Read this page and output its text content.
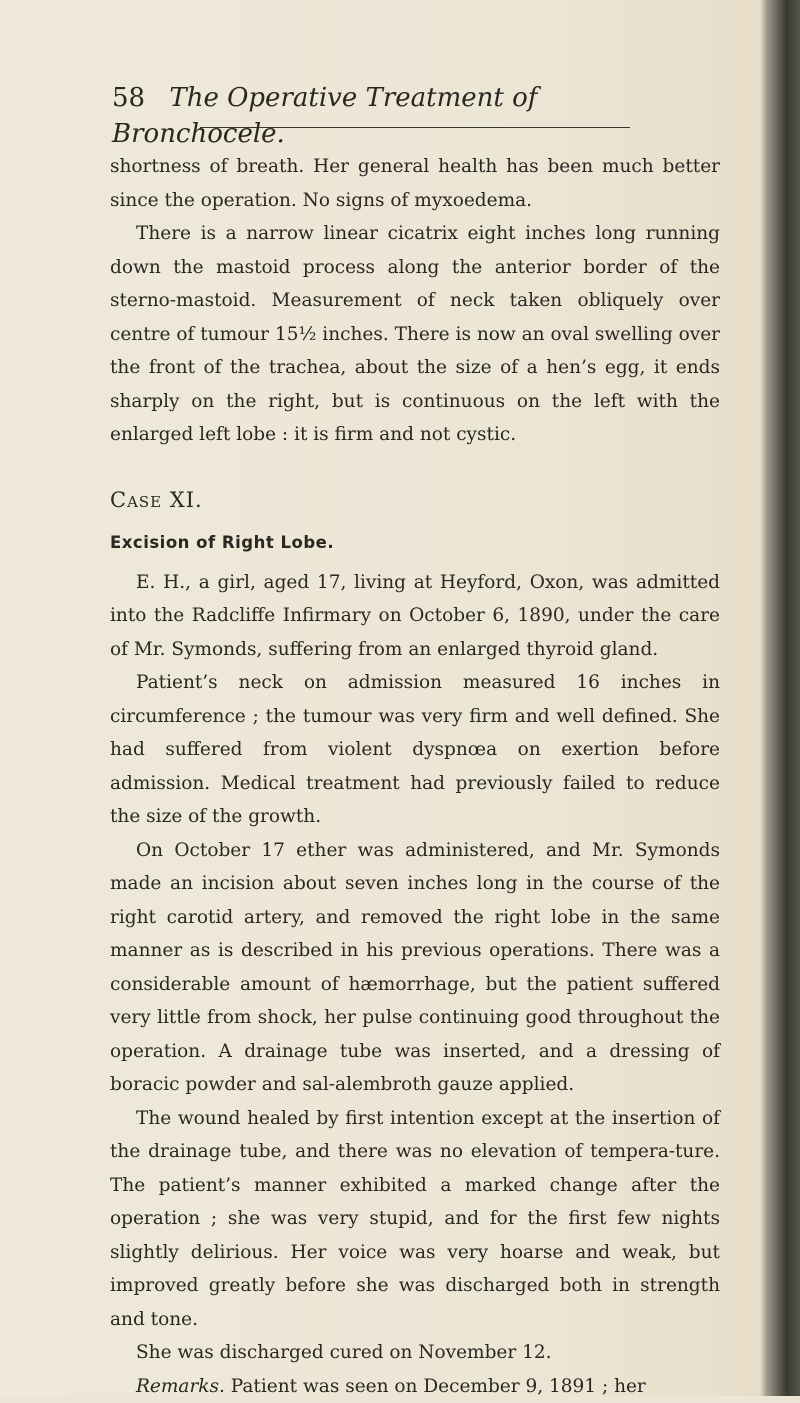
58 The Operative Treatment of Bronchocele.

shortness of breath. Her general health has been much better since the operation. No signs of myxoedema.

There is a narrow linear cicatrix eight inches long running down the mastoid process along the anterior border of the sterno-mastoid. Measurement of neck taken obliquely over centre of tumour 15½ inches. There is now an oval swelling over the front of the trachea, about the size of a hen’s egg, it ends sharply on the right, but is continuous on the left with the enlarged left lobe : it is firm and not cystic.

Case XI.
Excision of Right Lobe.

E. H., a girl, aged 17, living at Heyford, Oxon, was admitted into the Radcliffe Infirmary on October 6, 1890, under the care of Mr. Symonds, suffering from an enlarged thyroid gland.

Patient’s neck on admission measured 16 inches in circumference ; the tumour was very firm and well defined. She had suffered from violent dyspnœa on exertion before admission. Medical treatment had previously failed to reduce the size of the growth.

On October 17 ether was administered, and Mr. Symonds made an incision about seven inches long in the course of the right carotid artery, and removed the right lobe in the same manner as is described in his previous operations. There was a considerable amount of hæmorrhage, but the patient suffered very little from shock, her pulse continuing good throughout the operation. A drainage tube was inserted, and a dressing of boracic powder and sal-alembroth gauze applied.

The wound healed by first intention except at the insertion of the drainage tube, and there was no elevation of tempera-ture. The patient’s manner exhibited a marked change after the operation ; she was very stupid, and for the first few nights slightly delirious. Her voice was very hoarse and weak, but improved greatly before she was discharged both in strength and tone.

She was discharged cured on November 12.

Remarks. Patient was seen on December 9, 1891 ; her
